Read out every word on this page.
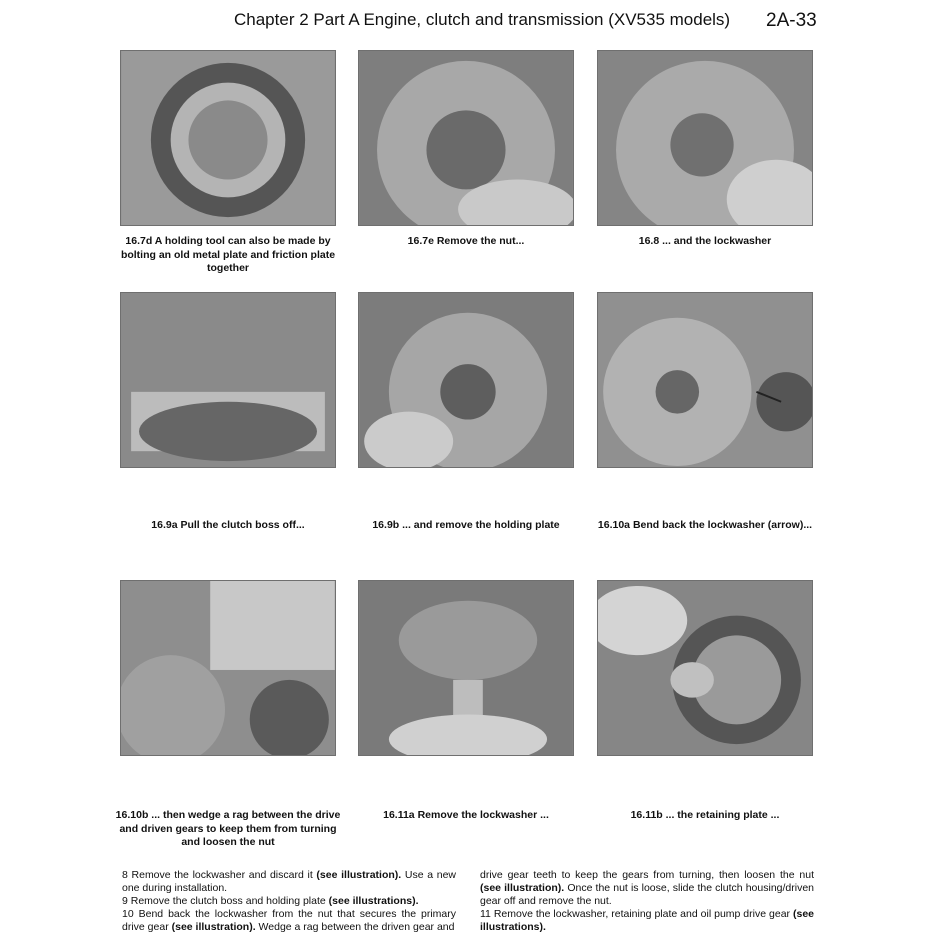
Chapter 2 Part A Engine, clutch and transmission (XV535 models) 2A-33
16.7d A holding tool can also be made by bolting an old metal plate and friction plate together
16.7e Remove the nut...	16.8 ... and the lockwasher
16.9a Pull the clutch boss off...	16.9b ... and remove the holding plate	16.10a Bend back the lockwasher (arrow)...
16.10b ... then wedge a rag between the drive and driven gears to keep them from turning and loosen the nut
16.11a Remove the lockwasher ...	16.11b ... the retaining plate ...

8 Remove the lockwasher and discard it (see illustration). Use a new one during installation.

9 Remove the clutch boss and holding plate (see illustrations).

10 Bend back the lockwasher from the nut that secures the primary drive gear (see illustration). Wedge a rag between the driven gear and

drive gear teeth to keep the gears from turning, then loosen the nut (see illustration). Once the nut is loose, slide the clutch housing/driven gear off and remove the nut.

11 Remove the lockwasher, retaining plate and oil pump drive gear (see illustrations).
